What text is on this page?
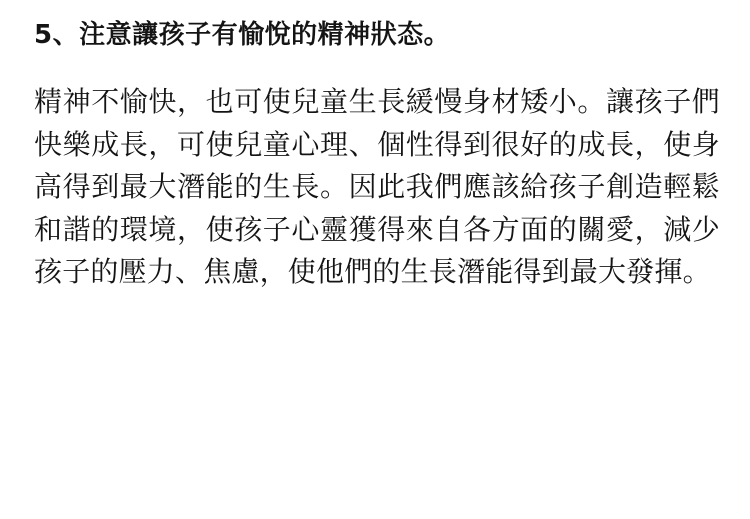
5、注意讓孩子有愉悅的精神狀态。

精神不愉快，也可使兒童生長緩慢身材矮小。讓孩子們快樂成長，可使兒童心理、個性得到很好的成長，使身高得到最大潛能的生長。因此我們應該給孩子創造輕鬆和諧的環境，使孩子心靈獲得來自各方面的關愛，減少孩子的壓力、焦慮，使他們的生長潛能得到最大發揮。
